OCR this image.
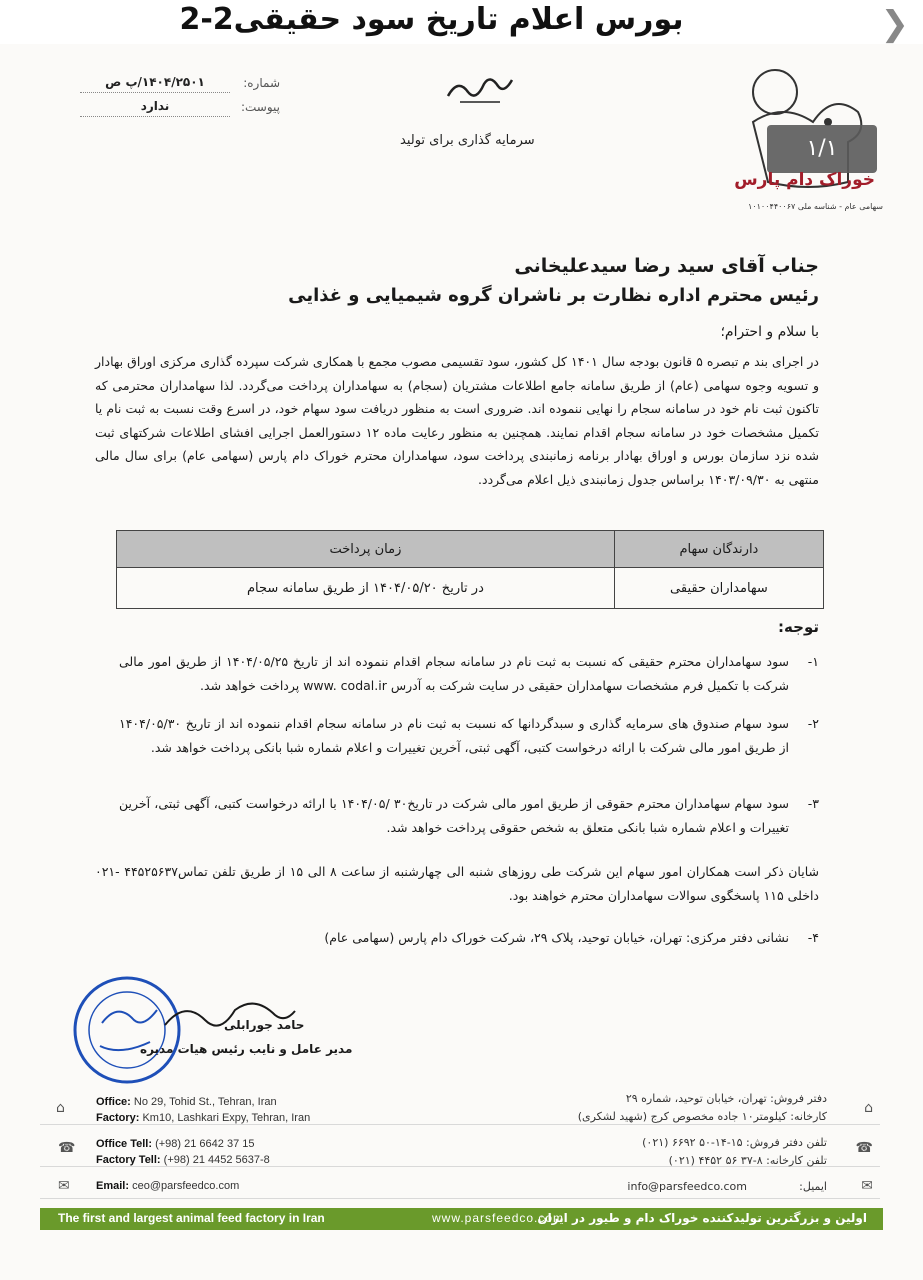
بورس اعلام تاریخ سود حقیقی2-2	❯
۱/۱
خوراک دام پارس
سهامی عام - شناسه ملی ۱۰۱۰۰۴۴۰۰۶۷
سرمایه گذاری برای تولید
شماره:
۱۴۰۴/۲۵۰۱/پ ص
پیوست:
ندارد
جناب آقای سید رضا سیدعلیخانی
رئیس محترم اداره نظارت بر ناشران گروه شیمیایی و غذایی
با سلام و احترام؛
در اجرای بند م تبصره ۵ قانون بودجه سال ۱۴۰۱ کل کشور، سود تقسیمی مصوب مجمع با همکاری شرکت سپرده گذاری مرکزی اوراق بهادار و تسویه وجوه سهامی (عام) از طریق سامانه جامع اطلاعات مشتریان (سجام) به سهامداران پرداخت می‌گردد. لذا سهامداران محترمی که تاکنون ثبت نام خود در سامانه سجام را نهایی ننموده اند. ضروری است به منظور دریافت سود سهام خود، در اسرع وقت نسبت به ثبت نام یا تکمیل مشخصات خود در سامانه سجام اقدام نمایند. همچنین به منظور رعایت ماده ۱۲ دستورالعمل اجرایی افشای اطلاعات شرکتهای ثبت شده نزد سازمان بورس و اوراق بهادار برنامه زمانبندی پرداخت سود، سهامداران محترم خوراک دام پارس (سهامی عام) برای سال مالی منتهی به ۱۴۰۳/۰۹/۳۰ براساس جدول زمانبندی ذیل اعلام می‌گردد.
دارندگان سهام	زمان پرداخت
سهامداران حقیقی	در تاریخ ۱۴۰۴/۰۵/۲۰ از طریق سامانه سجام
توجه:
۱-
سود سهامداران محترم حقیقی که نسبت به ثبت نام در سامانه سجام اقدام ننموده اند از تاریخ ۱۴۰۴/۰۵/۲۵ از طریق امور مالی شرکت با تکمیل فرم مشخصات سهامداران حقیقی در سایت شرکت به آدرس www. codal.ir پرداخت خواهد شد.
۲-
سود سهام صندوق های سرمایه گذاری و سبدگردانها که نسبت به ثبت نام در سامانه سجام اقدام ننموده اند از تاریخ ۱۴۰۴/۰۵/۳۰ از طریق امور مالی شرکت با ارائه درخواست کتبی، آگهی ثبتی، آخرین تغییرات و اعلام شماره شبا بانکی پرداخت خواهد شد.
۳-
سود سهام سهامداران محترم حقوقی از طریق امور مالی شرکت در تاریخ۳۰ /۱۴۰۴/۰۵ با ارائه درخواست کتبی، آگهی ثبتی، آخرین تغییرات و اعلام شماره شبا بانکی متعلق به شخص حقوقی پرداخت خواهد شد.
شایان ذکر است همکاران امور سهام این شرکت طی روزهای شنبه الی چهارشنبه از ساعت ۸ الی ۱۵ از طریق تلفن تماس۴۴۵۲۵۶۳۷ -۰۲۱ داخلی ۱۱۵ پاسخگوی سوالات سهامداران محترم خواهند بود.
۴-
نشانی دفتر مرکزی: تهران، خیابان توحید، پلاک ۲۹، شرکت خوراک دام پارس (سهامی عام)
حامد جورابلی
مدیر عامل و نایب رئیس هیات مدیره
⌂
☎
✉
⌂
☎
✉
Office: No 29, Tohid St., Tehran, Iran
Factory: Km10, Lashkari Expy, Tehran, Iran
Office Tell: (+98) 21 6642 37 15
Factory Tell: (+98) 21 4452 5637-8
Email: ceo@parsfeedco.com
دفتر فروش: تهران، خیابان توحید، شماره ۲۹
کارخانه: کیلومتر۱۰ جاده مخصوص کرج (شهید لشکری)
تلفن دفتر فروش: ۱۵-۱۴-۵۰ ۶۶۹۲ (۰۲۱)
تلفن کارخانه: ۸-۳۷ ۵۶ ۴۴۵۲ (۰۲۱)
ایمیل:
info@parsfeedco.com
The first and largest animal feed factory in Iran	www.parsfeedco.com
اولین و بزرگترین تولیدکننده خوراک دام و طیور در ایران
